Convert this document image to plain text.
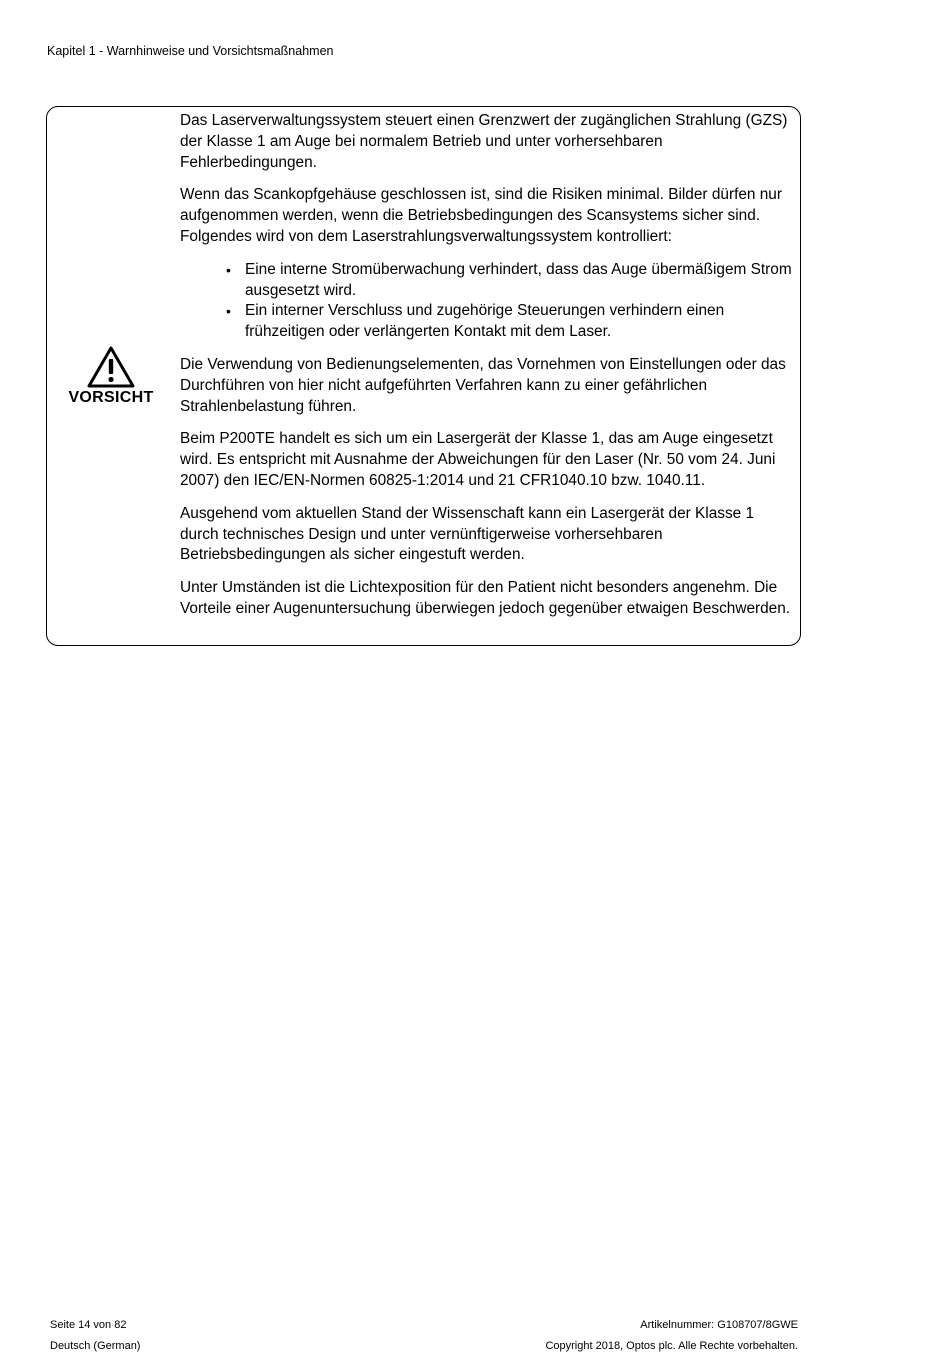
Kapitel 1 - Warnhinweise und Vorsichtsmaßnahmen
VORSICHT

Das Laserverwaltungssystem steuert einen Grenzwert der zugänglichen Strahlung (GZS) der Klasse 1 am Auge bei normalem Betrieb und unter vorhersehbaren Fehlerbedingungen.

Wenn das Scankopfgehäuse geschlossen ist, sind die Risiken minimal. Bilder dürfen nur aufgenommen werden, wenn die Betriebsbedingungen des Scansystems sicher sind. Folgendes wird von dem Laserstrahlungsverwaltungssystem kontrolliert:

• Eine interne Stromüberwachung verhindert, dass das Auge übermäßigem Strom ausgesetzt wird.
• Ein interner Verschluss und zugehörige Steuerungen verhindern einen frühzeitigen oder verlängerten Kontakt mit dem Laser.

Die Verwendung von Bedienungselementen, das Vornehmen von Einstellungen oder das Durchführen von hier nicht aufgeführten Verfahren kann zu einer gefährlichen Strahlenbelastung führen.

Beim P200TE handelt es sich um ein Lasergerät der Klasse 1, das am Auge eingesetzt wird. Es entspricht mit Ausnahme der Abweichungen für den Laser (Nr. 50 vom 24. Juni 2007) den IEC/EN-Normen 60825-1:2014 und 21 CFR1040.10 bzw. 1040.11.

Ausgehend vom aktuellen Stand der Wissenschaft kann ein Lasergerät der Klasse 1 durch technisches Design und unter vernünftigerweise vorhersehbaren Betriebsbedingungen als sicher eingestuft werden.

Unter Umständen ist die Lichtexposition für den Patient nicht besonders angenehm. Die Vorteile einer Augenuntersuchung überwiegen jedoch gegenüber etwaigen Beschwerden.

Seite 14 von 82
Deutsch (German)
Artikelnummer: G108707/8GWE
Copyright 2018, Optos plc. Alle Rechte vorbehalten.
